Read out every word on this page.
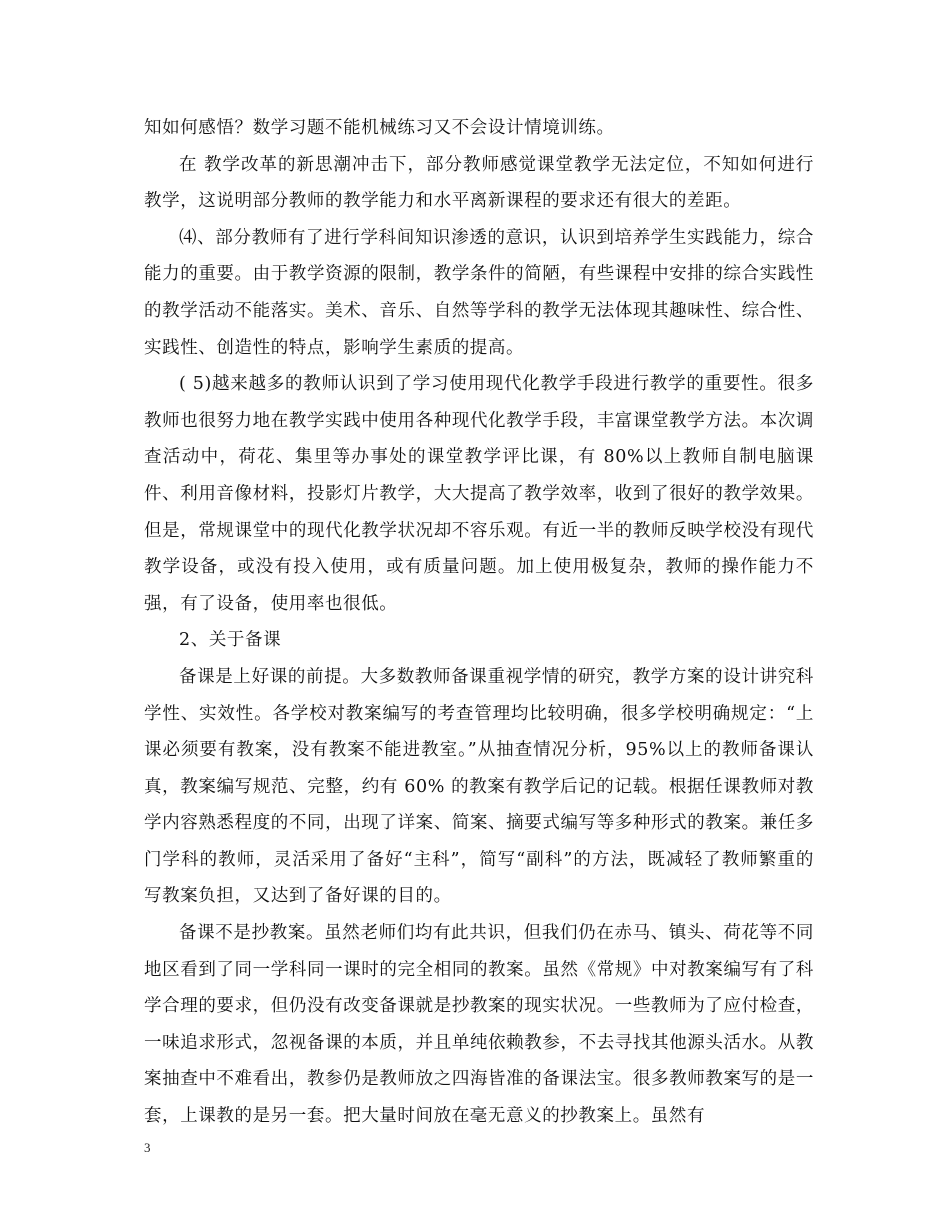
知如何感悟？数学习题不能机械练习又不会设计情境训练。

在 教学改革的新思潮冲击下，部分教师感觉课堂教学无法定位，不知如何进行教学，这说明部分教师的教学能力和水平离新课程的要求还有很大的差距。

⑷、部分教师有了进行学科间知识渗透的意识，认识到培养学生实践能力，综合能力的重要。由于教学资源的限制，教学条件的简陋，有些课程中安排的综合实践性的教学活动不能落实。美术、音乐、自然等学科的教学无法体现其趣味性、综合性、实践性、创造性的特点，影响学生素质的提高。

( 5)越来越多的教师认识到了学习使用现代化教学手段进行教学的重要性。很多教师也很努力地在教学实践中使用各种现代化教学手段，丰富课堂教学方法。本次调查活动中，荷花、集里等办事处的课堂教学评比课，有 80%以上教师自制电脑课件、利用音像材料，投影灯片教学，大大提高了教学效率，收到了很好的教学效果。但是，常规课堂中的现代化教学状况却不容乐观。有近一半的教师反映学校没有现代教学设备，或没有投入使用，或有质量问题。加上使用极复杂，教师的操作能力不强，有了设备，使用率也很低。

2、关于备课

备课是上好课的前提。大多数教师备课重视学情的研究，教学方案的设计讲究科学性、实效性。各学校对教案编写的考查管理均比较明确，很多学校明确规定：“上课必须要有教案，没有教案不能进教室。”从抽查情况分析，95%以上的教师备课认真，教案编写规范、完整，约有 60% 的教案有教学后记的记载。根据任课教师对教学内容熟悉程度的不同，出现了详案、简案、摘要式编写等多种形式的教案。兼任多门学科的教师，灵活采用了备好“主科”，简写“副科”的方法，既减轻了教师繁重的写教案负担，又达到了备好课的目的。

备课不是抄教案。虽然老师们均有此共识，但我们仍在赤马、镇头、荷花等不同地区看到了同一学科同一课时的完全相同的教案。虽然《常规》中对教案编写有了科学合理的要求，但仍没有改变备课就是抄教案的现实状况。一些教师为了应付检查，一味追求形式，忽视备课的本质，并且单纯依赖教参，不去寻找其他源头活水。从教案抽查中不难看出，教参仍是教师放之四海皆准的备课法宝。很多教师教案写的是一套，上课教的是另一套。把大量时间放在毫无意义的抄教案上。虽然有

3
